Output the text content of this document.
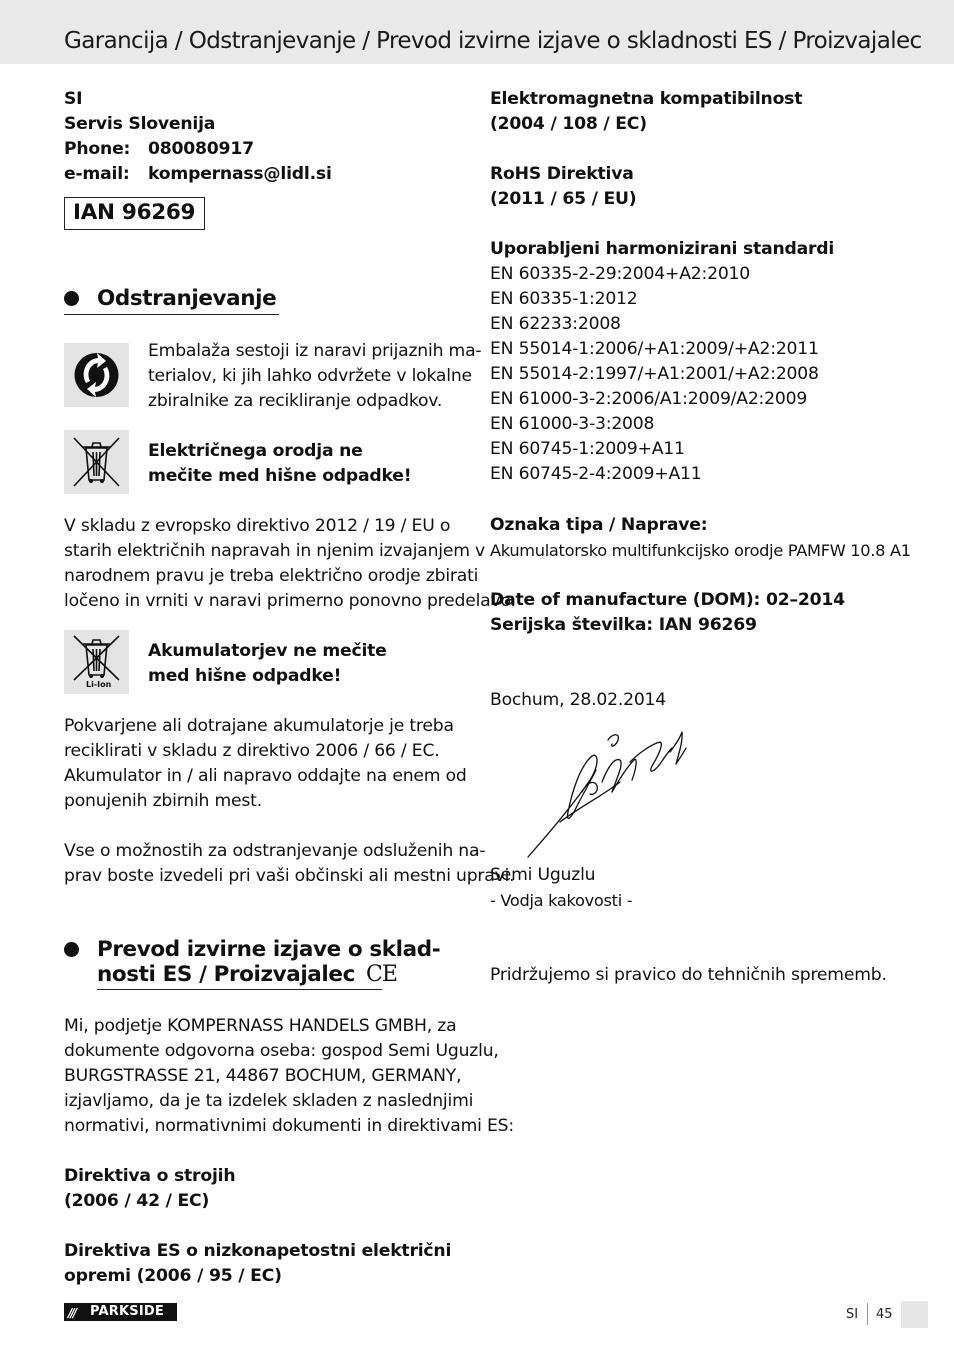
Garancija / Odstranjevanje / Prevod izvirne izjave o skladnosti ES / Proizvajalec
SI
Servis Slovenija
Phone: 080080917
e-mail: kompernass@lidl.si
IAN 96269
Odstranjevanje
Embalaža sestoji iz naravi prijaznih ma-
terialov, ki jih lahko odvržete v lokalne
zbiralnike za recikliranje odpadkov.
Električnega orodja ne
mečite med hišne odpadke!
V skladu z evropsko direktivo 2012 / 19 / EU o
starih električnih napravah in njenim izvajanjem v
narodnem pravu je treba električno orodje zbirati
ločeno in vrniti v naravi primerno ponovno predelavo.
Li-Ion
Akumulatorjev ne mečite
med hišne odpadke!
Pokvarjene ali dotrajane akumulatorje je treba
reciklirati v skladu z direktivo 2006 / 66 / EC.
Akumulator in / ali napravo oddajte na enem od
ponujenih zbirnih mest.
Vse o možnostih za odstranjevanje odsluženih na-
prav boste izvedeli pri vaši občinski ali mestni upravi.
Prevod izvirne izjave o sklad-
nosti ES / Proizvajalec CE
Mi, podjetje KOMPERNASS HANDELS GMBH, za
dokumente odgovorna oseba: gospod Semi Uguzlu,
BURGSTRASSE 21, 44867 BOCHUM, GERMANY,
izjavljamo, da je ta izdelek skladen z naslednjimi
normativi, normativnimi dokumenti in direktivami ES:
Direktiva o strojih
(2006 / 42 / EC)
Direktiva ES o nizkonapetostni električni
opremi (2006 / 95 / EC)
Elektromagnetna kompatibilnost
(2004 / 108 / EC)
RoHS Direktiva
(2011 / 65 / EU)
Uporabljeni harmonizirani standardi
EN 60335-2-29:2004+A2:2010
EN 60335-1:2012
EN 62233:2008
EN 55014-1:2006/+A1:2009/+A2:2011
EN 55014-2:1997/+A1:2001/+A2:2008
EN 61000-3-2:2006/A1:2009/A2:2009
EN 61000-3-3:2008
EN 60745-1:2009+A11
EN 60745-2-4:2009+A11
Oznaka tipa / Naprave:
Akumulatorsko multifunkcijsko orodje PAMFW 10.8 A1
Date of manufacture (DOM): 02–2014
Serijska številka: IAN 96269
Bochum, 28.02.2014
Semi Uguzlu
- Vodja kakovosti -
Pridržujemo si pravico do tehničnih sprememb.
/// PARKSIDE	SI 45
